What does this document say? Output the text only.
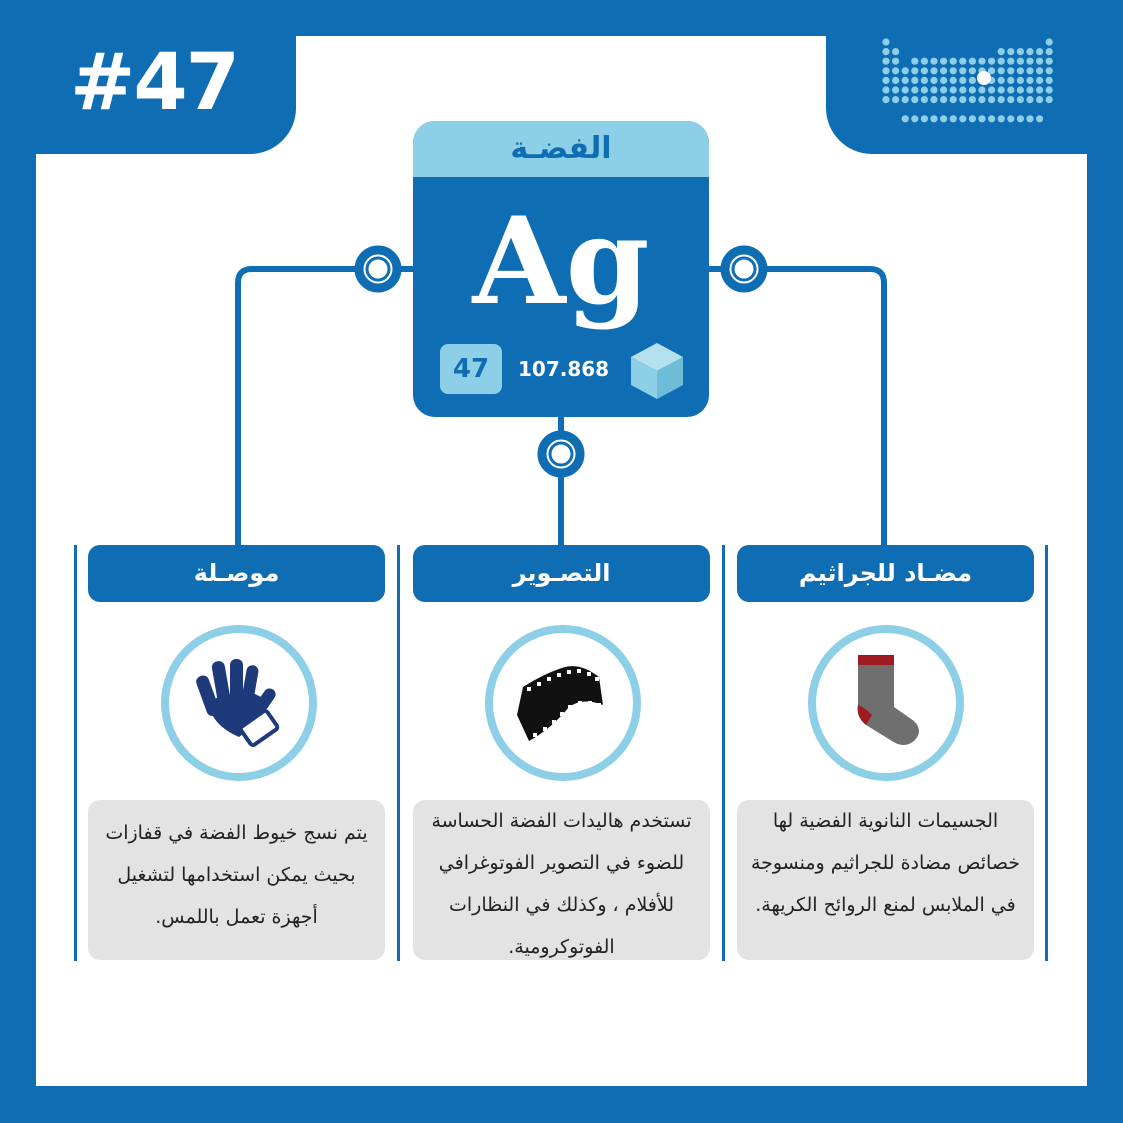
#47
الفضـة
Ag
47	107.868
موصـلة
يتم نسج خيوط الفضة في قفازات بحيث يمكن استخدامها لتشغيل أجهزة تعمل باللمس.
التصـوير
تستخدم هاليدات الفضة الحساسة للضوء في التصوير الفوتوغرافي للأفلام ، وكذلك في النظارات الفوتوكرومية.
مضـاد للجراثيم
الجسيمات النانوية الفضية لها خصائص مضادة للجراثيم ومنسوجة في الملابس لمنع الروائح الكريهة.
